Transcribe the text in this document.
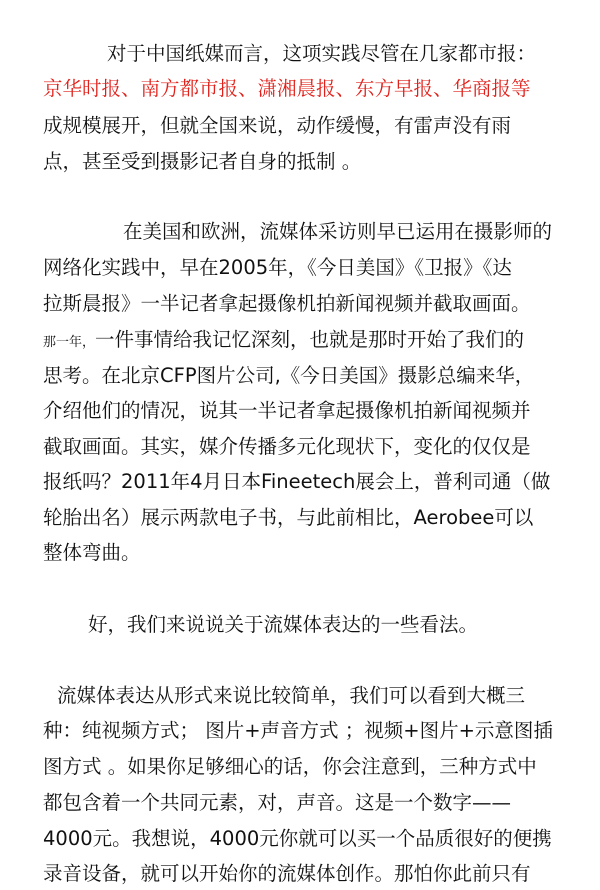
对于中国纸媒而言，这项实践尽管在几家都市报：
京华时报、南方都市报、潇湘晨报、东方早报、华商报等
成规模展开，但就全国来说，动作缓慢，有雷声没有雨
点，甚至受到摄影记者自身的抵制 。
在美国和欧洲，流媒体采访则早已运用在摄影师的
网络化实践中，早在2005年，《今日美国》《卫报》《达
拉斯晨报》一半记者拿起摄像机拍新闻视频并截取画面。
那一年，一件事情给我记忆深刻，也就是那时开始了我们的
思考。在北京CFP图片公司,《今日美国》摄影总编来华，
介绍他们的情况，说其一半记者拿起摄像机拍新闻视频并
截取画面。其实，媒介传播多元化现状下，变化的仅仅是
报纸吗？2011年4月日本Fineetech展会上，普利司通（做
轮胎出名）展示两款电子书，与此前相比，Aerobee可以
整体弯曲。
好，我们来说说关于流媒体表达的一些看法。
流媒体表达从形式来说比较简单，我们可以看到大概三
种：纯视频方式； 图片+声音方式 ；视频+图片+示意图插
图方式 。如果你足够细心的话，你会注意到，三种方式中
都包含着一个共同元素，对，声音。这是一个数字——
4000元。我想说，4000元你就可以买一个品质很好的便携
录音设备，就可以开始你的流媒体创作。那怕你此前只有
